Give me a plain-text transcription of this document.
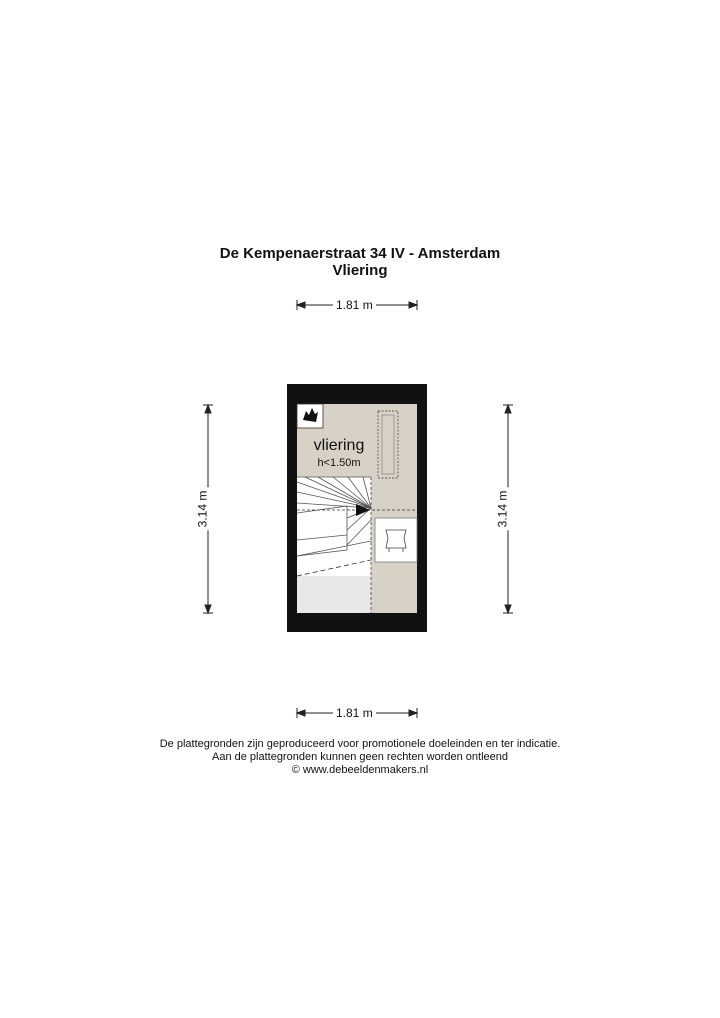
De Kempenaerstraat 34 IV - Amsterdam
Vliering
1.81 m
1.81 m
3.14 m	3.14 m
vliering
h<1.50m
De plattegronden zijn geproduceerd voor promotionele doeleinden en ter indicatie.
Aan de plattegronden kunnen geen rechten worden ontleend
© www.debeeldenmakers.nl
